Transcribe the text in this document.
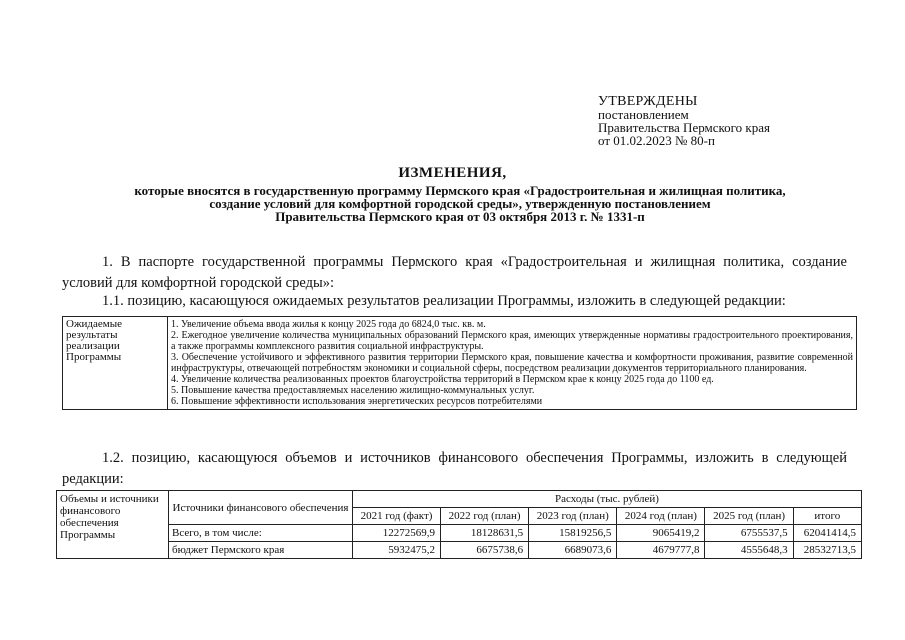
УТВЕРЖДЕНЫ
постановлением
Правительства Пермского края
от 01.02.2023 № 80-п
ИЗМЕНЕНИЯ,
которые вносятся в государственную программу Пермского края «Градостроительная и жилищная политика,
создание условий для комфортной городской среды», утвержденную постановлением
Правительства Пермского края от 03 октября 2013 г. № 1331-п
1. В паспорте государственной программы Пермского края «Градостроительная и жилищная политика, создание условий для комфортной городской среды»:
1.1. позицию, касающуюся ожидаемых результатов реализации Программы, изложить в следующей редакции:
Ожидаемые результаты реализации Программы	
1. Увеличение объема ввода жилья к концу 2025 года до 6824,0 тыс. кв. м.
2. Ежегодное увеличение количества муниципальных образований Пермского края, имеющих утвержденные нормативы градостроительного проектирования, а также программы комплексного развития социальной инфраструктуры.
3. Обеспечение устойчивого и эффективного развития территории Пермского края, повышение качества и комфортности проживания, развитие современной инфраструктуры, отвечающей потребностям экономики и социальной сферы, посредством реализации документов территориального планирования.
4. Увеличение количества реализованных проектов благоустройства территорий в Пермском крае к концу 2025 года до 1100 ед.
5. Повышение качества предоставляемых населению жилищно-коммунальных услуг.
6. Повышение эффективности использования энергетических ресурсов потребителями
1.2. позицию, касающуюся объемов и источников финансового обеспечения Программы, изложить в следующей редакции:
Объемы и источники финансового обеспечения Программы	Источники финансового обеспечения	Расходы (тыс. рублей)					
		2021 год (факт)	2022 год (план)	2023 год (план)	2024 год (план)	2025 год (план)	итого
	Всего, в том числе:	12272569,9	18128631,5	15819256,5	9065419,2	6755537,5	62041414,5
	бюджет Пермского края	5932475,2	6675738,6	6689073,6	4679777,8	4555648,3	28532713,5
